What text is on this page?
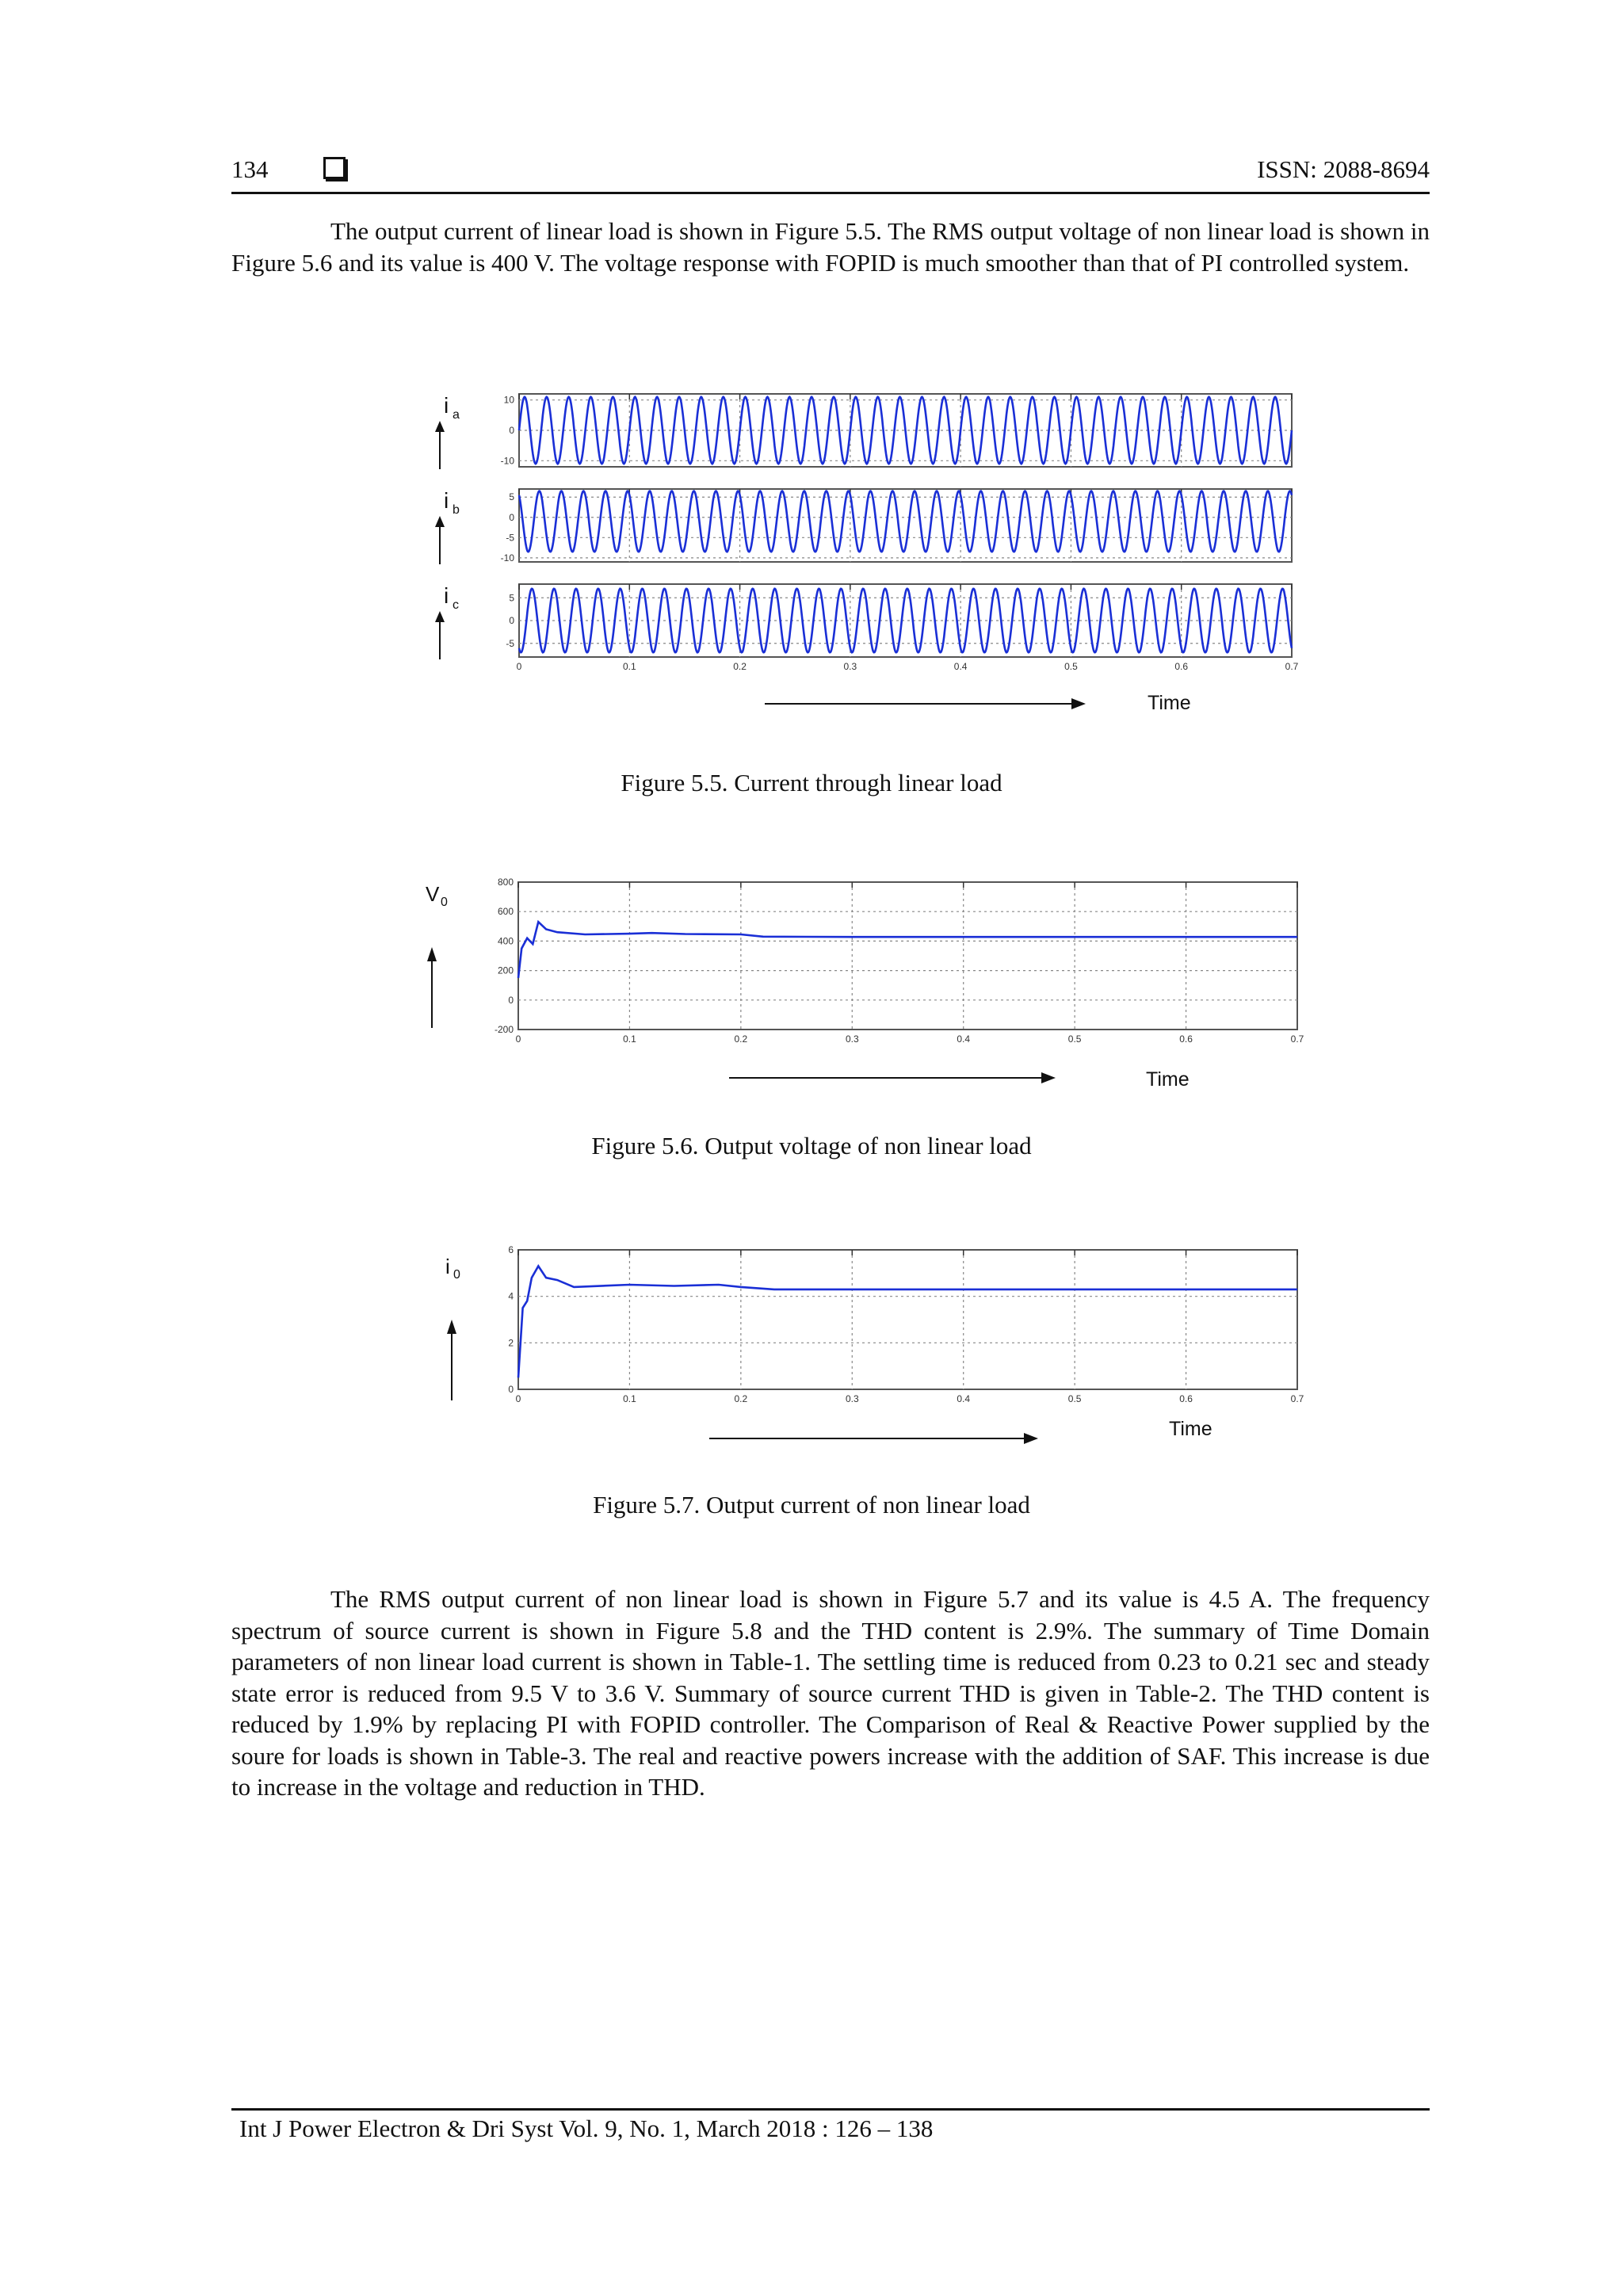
134	ISSN: 2088-8694
The output current of linear load is shown in Figure 5.5. The RMS output voltage of non linear load is shown in Figure 5.6 and its value is 400 V. The voltage response with FOPID is much smoother than that of PI controlled system.
10
0
-10
i a
5
0
-5
-10
i b
0	0.1	0.2	0.3	0.4	0.5	0.6	0.7
5
0
-5
i c
Time
Figure 5.5. Current through linear load
0	0.1	0.2	0.3	0.4	0.5	0.6	0.7
800
600
400
200
0
-200
V 0
Time
Figure 5.6. Output voltage of non linear load
0	0.1	0.2	0.3	0.4	0.5	0.6	0.7
6
4
2
0
i 0
Time
Figure 5.7. Output current of non linear load
The RMS output current of non linear load is shown in Figure 5.7 and its value is 4.5 A. The frequency spectrum of source current is shown in Figure 5.8 and the THD content is 2.9%. The summary of Time Domain parameters of non linear load current is shown in Table-1. The settling time is reduced from 0.23 to 0.21 sec and steady state error is reduced from 9.5 V to 3.6 V. Summary of source current THD is given in Table-2. The THD content is reduced by 1.9% by replacing PI with FOPID controller. The Comparison of Real & Reactive Power supplied by the soure for loads is shown in Table-3. The real and reactive powers increase with the addition of SAF. This increase is due to increase in the voltage and reduction in THD.
Int J Power Electron & Dri Syst Vol. 9, No. 1, March 2018 : 126 – 138
